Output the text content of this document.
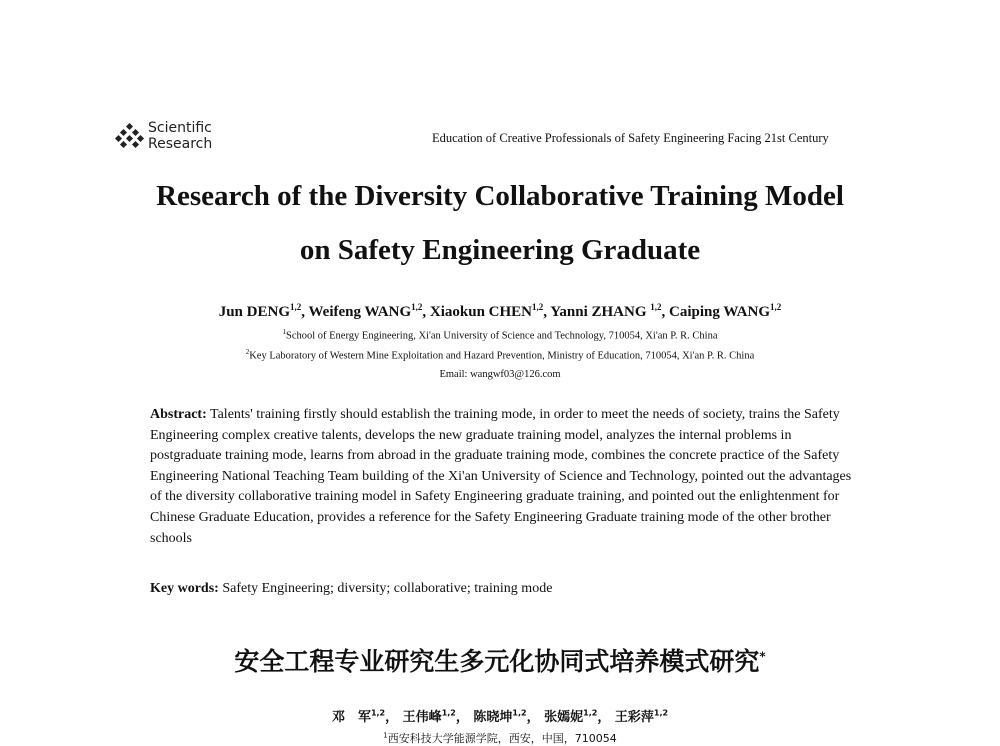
Scientific
Research	Education of Creative Professionals of Safety Engineering Facing 21st Century
Research of the Diversity Collaborative Training Model
on Safety Engineering Graduate
Jun DENG$^{1,2}$, Weifeng WANG$^{1,2}$, Xiaokun CHEN$^{1,2}$, Yanni ZHANG $^{1,2}$, Caiping WANG$^{1,2}$
$^1$School of Energy Engineering, Xi'an University of Science and Technology, 710054, Xi'an P. R. China
$^2$Key Laboratory of Western Mine Exploitation and Hazard Prevention, Ministry of Education, 710054, Xi'an P. R. China
Email: wangwf03@126.com
Abstract: Talents' training firstly should establish the training mode, in order to meet the needs of society, trains the Safety Engineering complex creative talents, develops the new graduate training model, analyzes the internal problems in postgraduate training mode, learns from abroad in the graduate training mode, combines the concrete practice of the Safety Engineering National Teaching Team building of the Xi'an University of Science and Technology, pointed out the advantages of the diversity collaborative training model in Safety Engineering graduate training, and pointed out the enlightenment for Chinese Graduate Education, provides a reference for the Safety Engineering Graduate training mode of the other brother schools
Key words: Safety Engineering; diversity; collaborative; training mode
安全工程专业研究生多元化协同式培养模式研究*
邓　军$^{1,2}$， 王伟峰$^{1,2}$， 陈晓坤$^{1,2}$， 张嫣妮$^{1,2}$， 王彩萍$^{1,2}$
$^1$西安科技大学能源学院，西安，中国，710054
